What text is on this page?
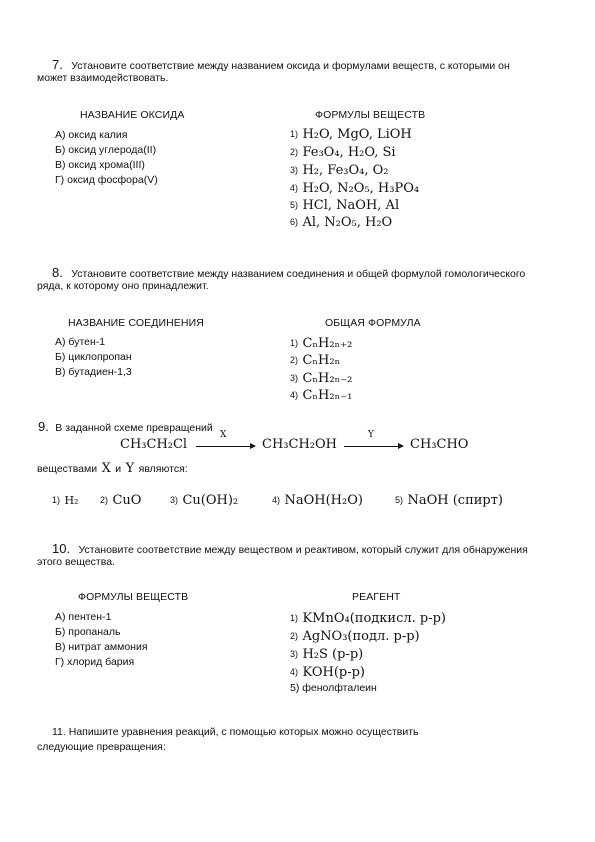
7. Установите соответствие между названием оксида и формулами веществ, с которыми он
может взаимодействовать.
НАЗВАНИЕ ОКСИДА	ФОРМУЛЫ ВЕЩЕСТВ
А) оксид калия
Б) оксид углерода(II)
В) оксид хрома(III)
Г) оксид фосфора(V)
1) H₂O, MgO, LiOH
2) Fe₃O₄, H₂O, Si
3) H₂, Fe₃O₄, O₂
4) H₂O, N₂O₅, H₃PO₄
5) HCl, NaOH, Al
6) Al, N₂O₅, H₂O
8. Установите соответствие между названием соединения и общей формулой гомологического
ряда, к которому оно принадлежит.
НАЗВАНИЕ СОЕДИНЕНИЯ	ОБЩАЯ ФОРМУЛА
А) бутен-1
Б) циклопропан
В) бутадиен-1,3
1) CₙH₂ₙ₊₂
2) CₙH₂ₙ
3) CₙH₂ₙ₋₂
4) CₙH₂ₙ₋₁
9. В заданной схеме превращений
CH₃CH₂Cl
X
CH₃CH₂OH
Y
CH₃CHO
веществами X и Y являются:
1) H₂ 2) CuO	3) Cu(OH)₂	4) NaOH(H₂O)	5) NaOH (спирт)
10. Установите соответствие между веществом и реактивом, который служит для обнаружения
этого вещества.
ФОРМУЛЫ ВЕЩЕСТВ	РЕАГЕНТ
А) пентен-1
Б) пропаналь
В) нитрат аммония
Г) хлорид бария
1) KMnO₄(подкисл. р-р)
2) AgNO₃(подл. р-р)
3) H₂S (р-р)
4) KOH(р-р)
5) фенолфталеин
11. Напишите уравнения реакций, с помощью которых можно осуществить
следующие превращения:
